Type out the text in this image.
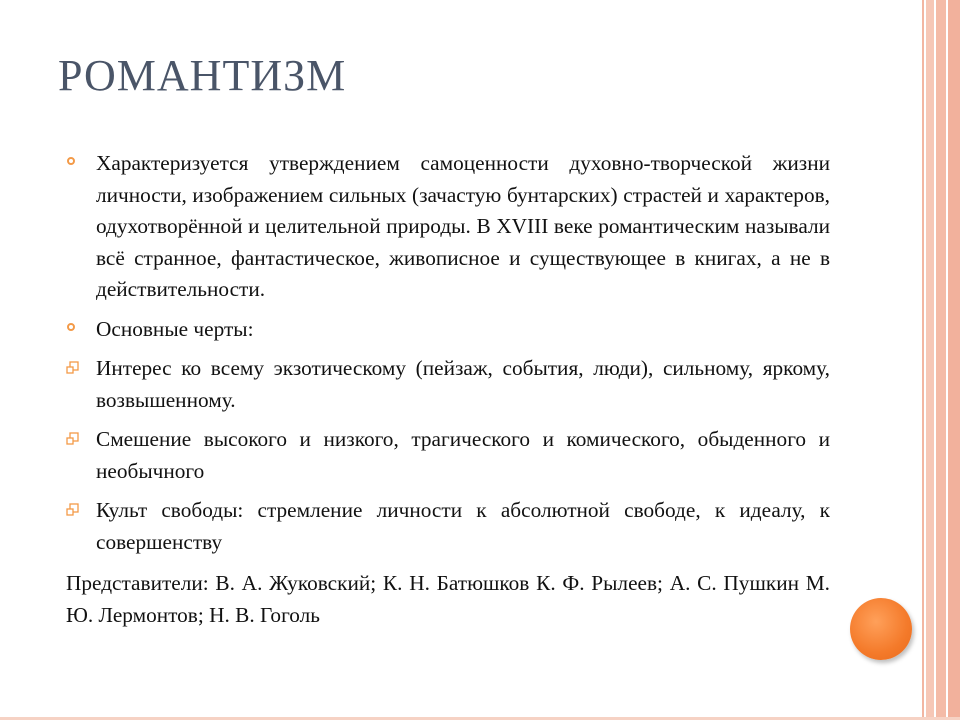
РОМАНТИЗМ
Характеризуется утверждением самоценности духовно-творческой жизни личности, изображением сильных (зачастую бунтарских) страстей и характеров, одухотворённой и целительной природы. В XVIII веке романтическим называли всё странное, фантастическое, живописное и существующее в книгах, а не в действительности.
Основные черты:
Интерес ко всему экзотическому (пейзаж, события, люди), сильному, яркому, возвышенному.
Смешение высокого и низкого, трагического и комического, обыденного и необычного
Культ свободы: стремление личности к абсолютной свободе, к идеалу, к совершенству
Представители: В. А. Жуковский; К. Н. Батюшков К. Ф. Рылеев; А. С. Пушкин М. Ю. Лермонтов; Н. В. Гоголь
